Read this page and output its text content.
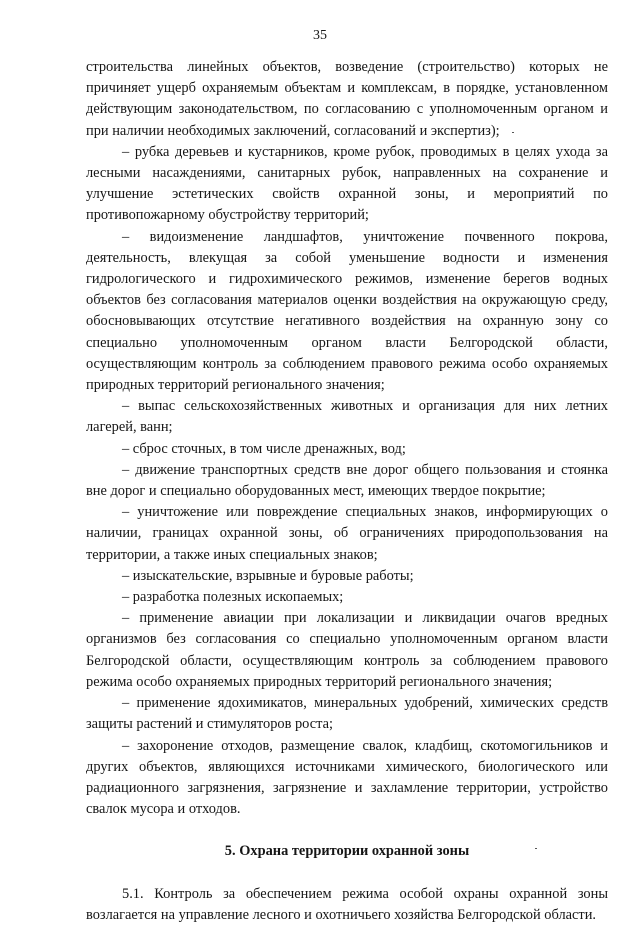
35

строительства линейных объектов, возведение (строительство) которых не причиняет ущерб охраняемым объектам и комплексам, в порядке, установленном действующим законодательством, по согласованию с уполномоченным органом и при наличии необходимых заключений, согласований и экспертиз);

– рубка деревьев и кустарников, кроме рубок, проводимых в целях ухода за лесными насаждениями, санитарных рубок, направленных на сохранение и улучшение эстетических свойств охранной зоны, и мероприятий по противопожарному обустройству территорий;

– видоизменение ландшафтов, уничтожение почвенного покрова, деятельность, влекущая за собой уменьшение водности и изменения гидрологического и гидрохимического режимов, изменение берегов водных объектов без согласования материалов оценки воздействия на окружающую среду, обосновывающих отсутствие негативного воздействия на охранную зону со специально уполномоченным органом власти Белгородской области, осуществляющим контроль за соблюдением правового режима особо охраняемых природных территорий регионального значения;

– выпас сельскохозяйственных животных и организация для них летних лагерей, ванн;

– сброс сточных, в том числе дренажных, вод;

– движение транспортных средств вне дорог общего пользования и стоянка вне дорог и специально оборудованных мест, имеющих твердое покрытие;

– уничтожение или повреждение специальных знаков, информирующих о наличии, границах охранной зоны, об ограничениях природопользования на территории, а также иных специальных знаков;

– изыскательские, взрывные и буровые работы;

– разработка полезных ископаемых;

– применение авиации при локализации и ликвидации очагов вредных организмов без согласования со специально уполномоченным органом власти Белгородской области, осуществляющим контроль за соблюдением правового режима особо охраняемых природных территорий регионального значения;

– применение ядохимикатов, минеральных удобрений, химических средств защиты растений и стимуляторов роста;

– захоронение отходов, размещение свалок, кладбищ, скотомогильников и других объектов, являющихся источниками химического, биологического или радиационного загрязнения, загрязнение и захламление территории, устройство свалок мусора и отходов.

5. Охрана территории охранной зоны

5.1. Контроль за обеспечением режима особой охраны охранной зоны возлагается на управление лесного и охотничьего хозяйства Белгородской области.
